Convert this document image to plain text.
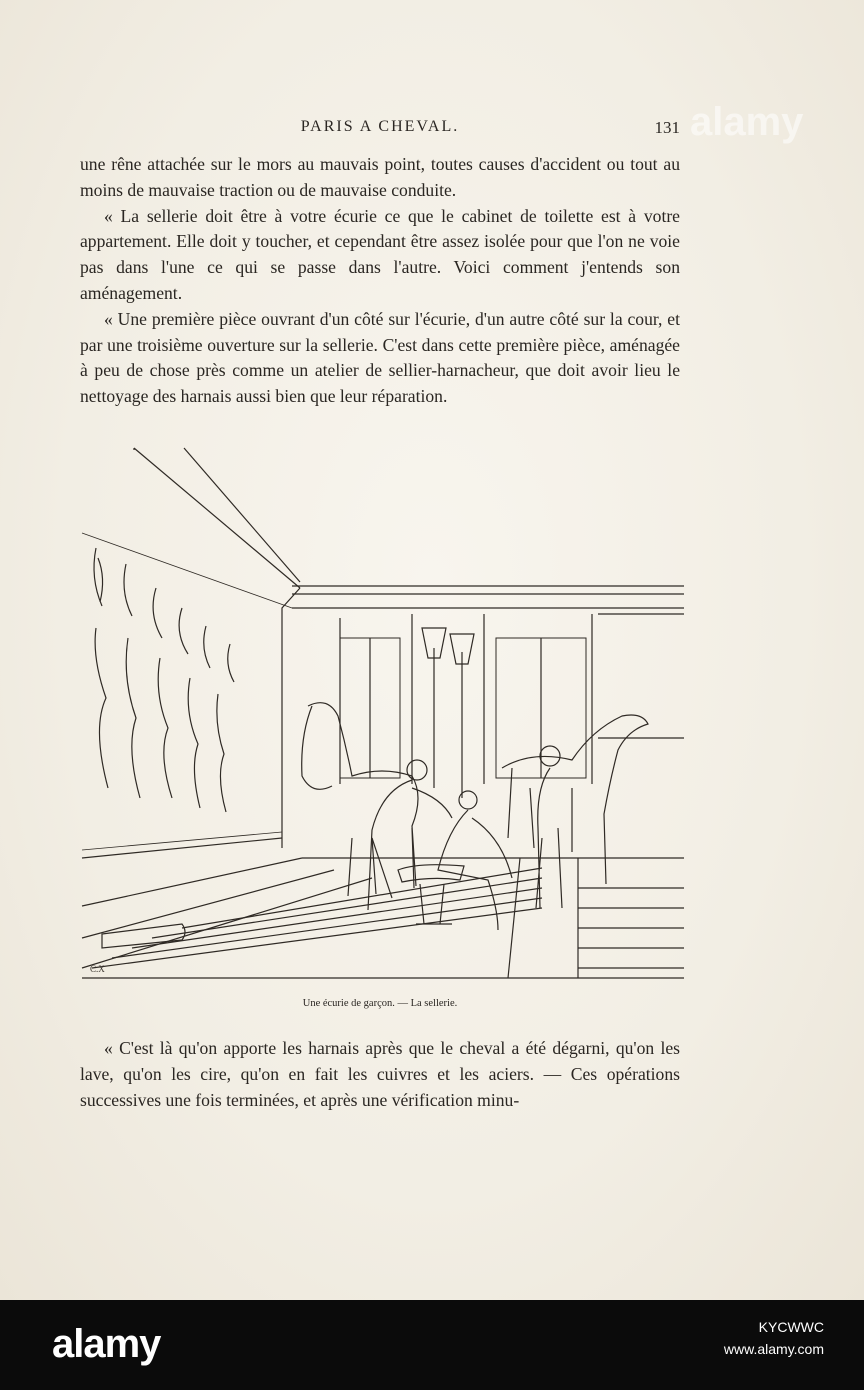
PARIS A CHEVAL.	131

une rêne attachée sur le mors au mauvais point, toutes causes d'accident ou tout au moins de mauvaise traction ou de mauvaise conduite.

« La sellerie doit être à votre écurie ce que le cabinet de toilette est à votre appartement. Elle doit y toucher, et cependant être assez isolée pour que l'on ne voie pas dans l'une ce qui se passe dans l'autre. Voici comment j'entends son aménagement.

« Une première pièce ouvrant d'un côté sur l'écurie, d'un autre côté sur la cour, et par une troisième ouverture sur la sellerie. C'est dans cette première pièce, aménagée à peu de chose près comme un atelier de sellier-harnacheur, que doit avoir lieu le nettoyage des harnais aussi bien que leur réparation.

C.X
Une écurie de garçon. — La sellerie.

« C'est là qu'on apporte les harnais après que le cheval a été dégarni, qu'on les lave, qu'on les cire, qu'on en fait les cuivres et les aciers. — Ces opérations successives une fois terminées, et après une vérification minu-

alamy
alamy	KYCWWC
www.alamy.com
